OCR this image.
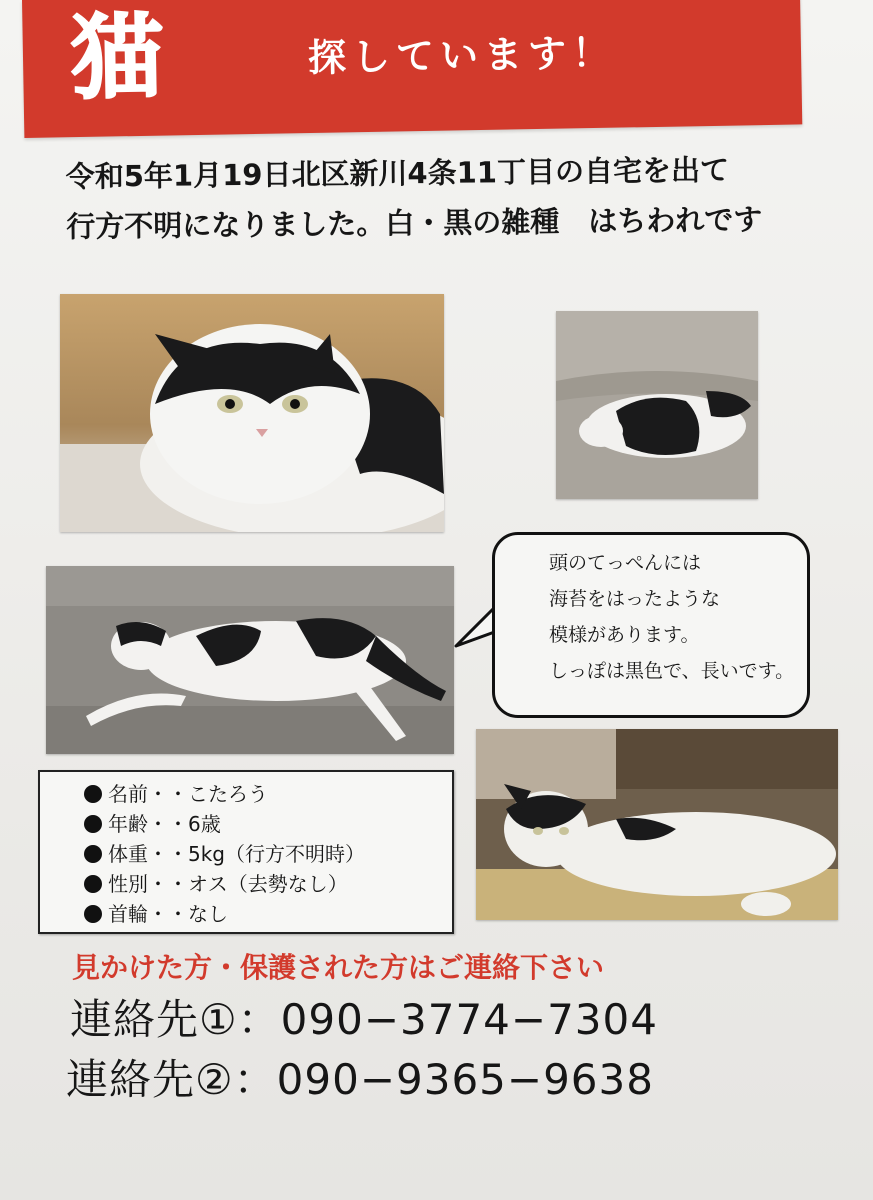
猫	探しています！
令和5年1月19日北区新川4条11丁目の自宅を出て
行方不明になりました。白・黒の雑種　はちわれです
頭のてっぺんには
海苔をはったような
模様があります。
しっぽは黒色で、長いです。
名前・・こたろう
年齢・・6歳
体重・・5kg（行方不明時）
性別・・オス（去勢なし）
首輪・・なし
見かけた方・保護された方はご連絡下さい
連絡先①：090−3774−7304
連絡先②：090−9365−9638
